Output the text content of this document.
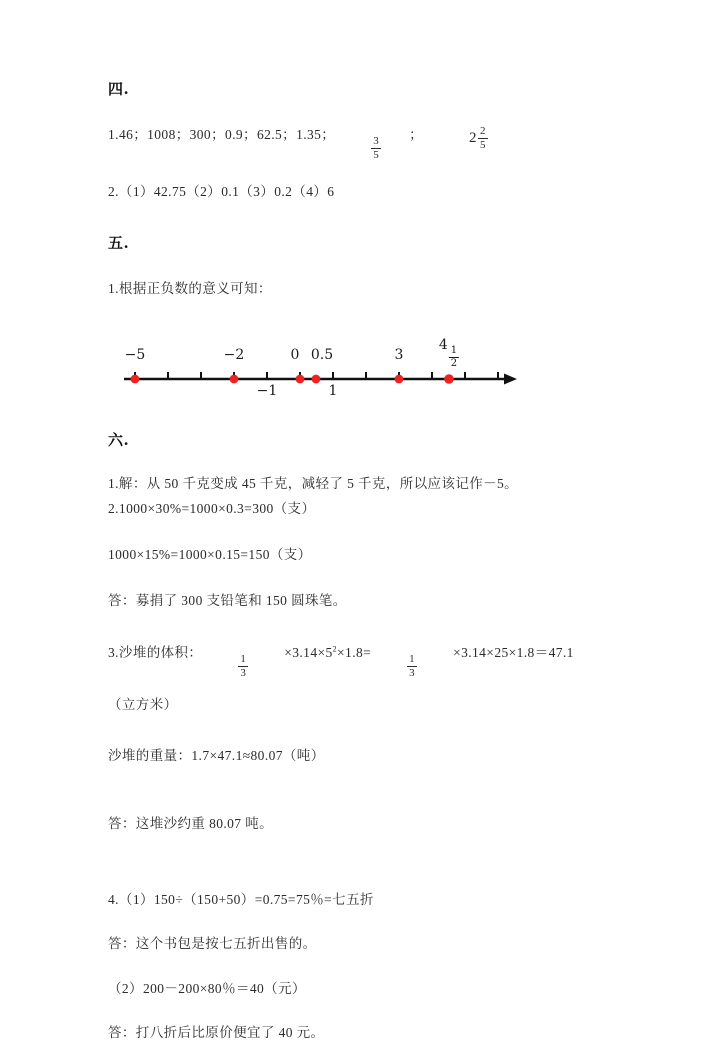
四.
1.46；1008；300；0.9；62.5；1.35；
$\frac{3}{5}$
；	$2 \frac{2}{5}$
2.（1）42.75（2）0.1（3）0.2（4）6
五.
1.根据正负数的意义可知：
−5	−2	0 0.5	3
4
$\frac{1}{2}$
−1	1
六.
1.解：从 50 千克变成 45 千克，减轻了 5 千克，所以应该记作－5。
2.1000×30%=1000×0.3=300（支）
1000×15%=1000×0.15=150（支）
答：募捐了 300 支铅笔和 150 圆珠笔。
3.沙堆的体积：
$\frac{1}{3}$
$\times 3.14\times 5^2\times 1.8=$
$\frac{1}{3}$
×3.14×25×1.8＝47.1
（立方米）
沙堆的重量：1.7×47.1≈80.07（吨）
答：这堆沙约重 80.07 吨。
4.（1）150÷（150+50）=0.75=75％=七五折
答：这个书包是按七五折出售的。
（2）200－200×80％＝40（元）
答：打八折后比原价便宜了 40 元。
